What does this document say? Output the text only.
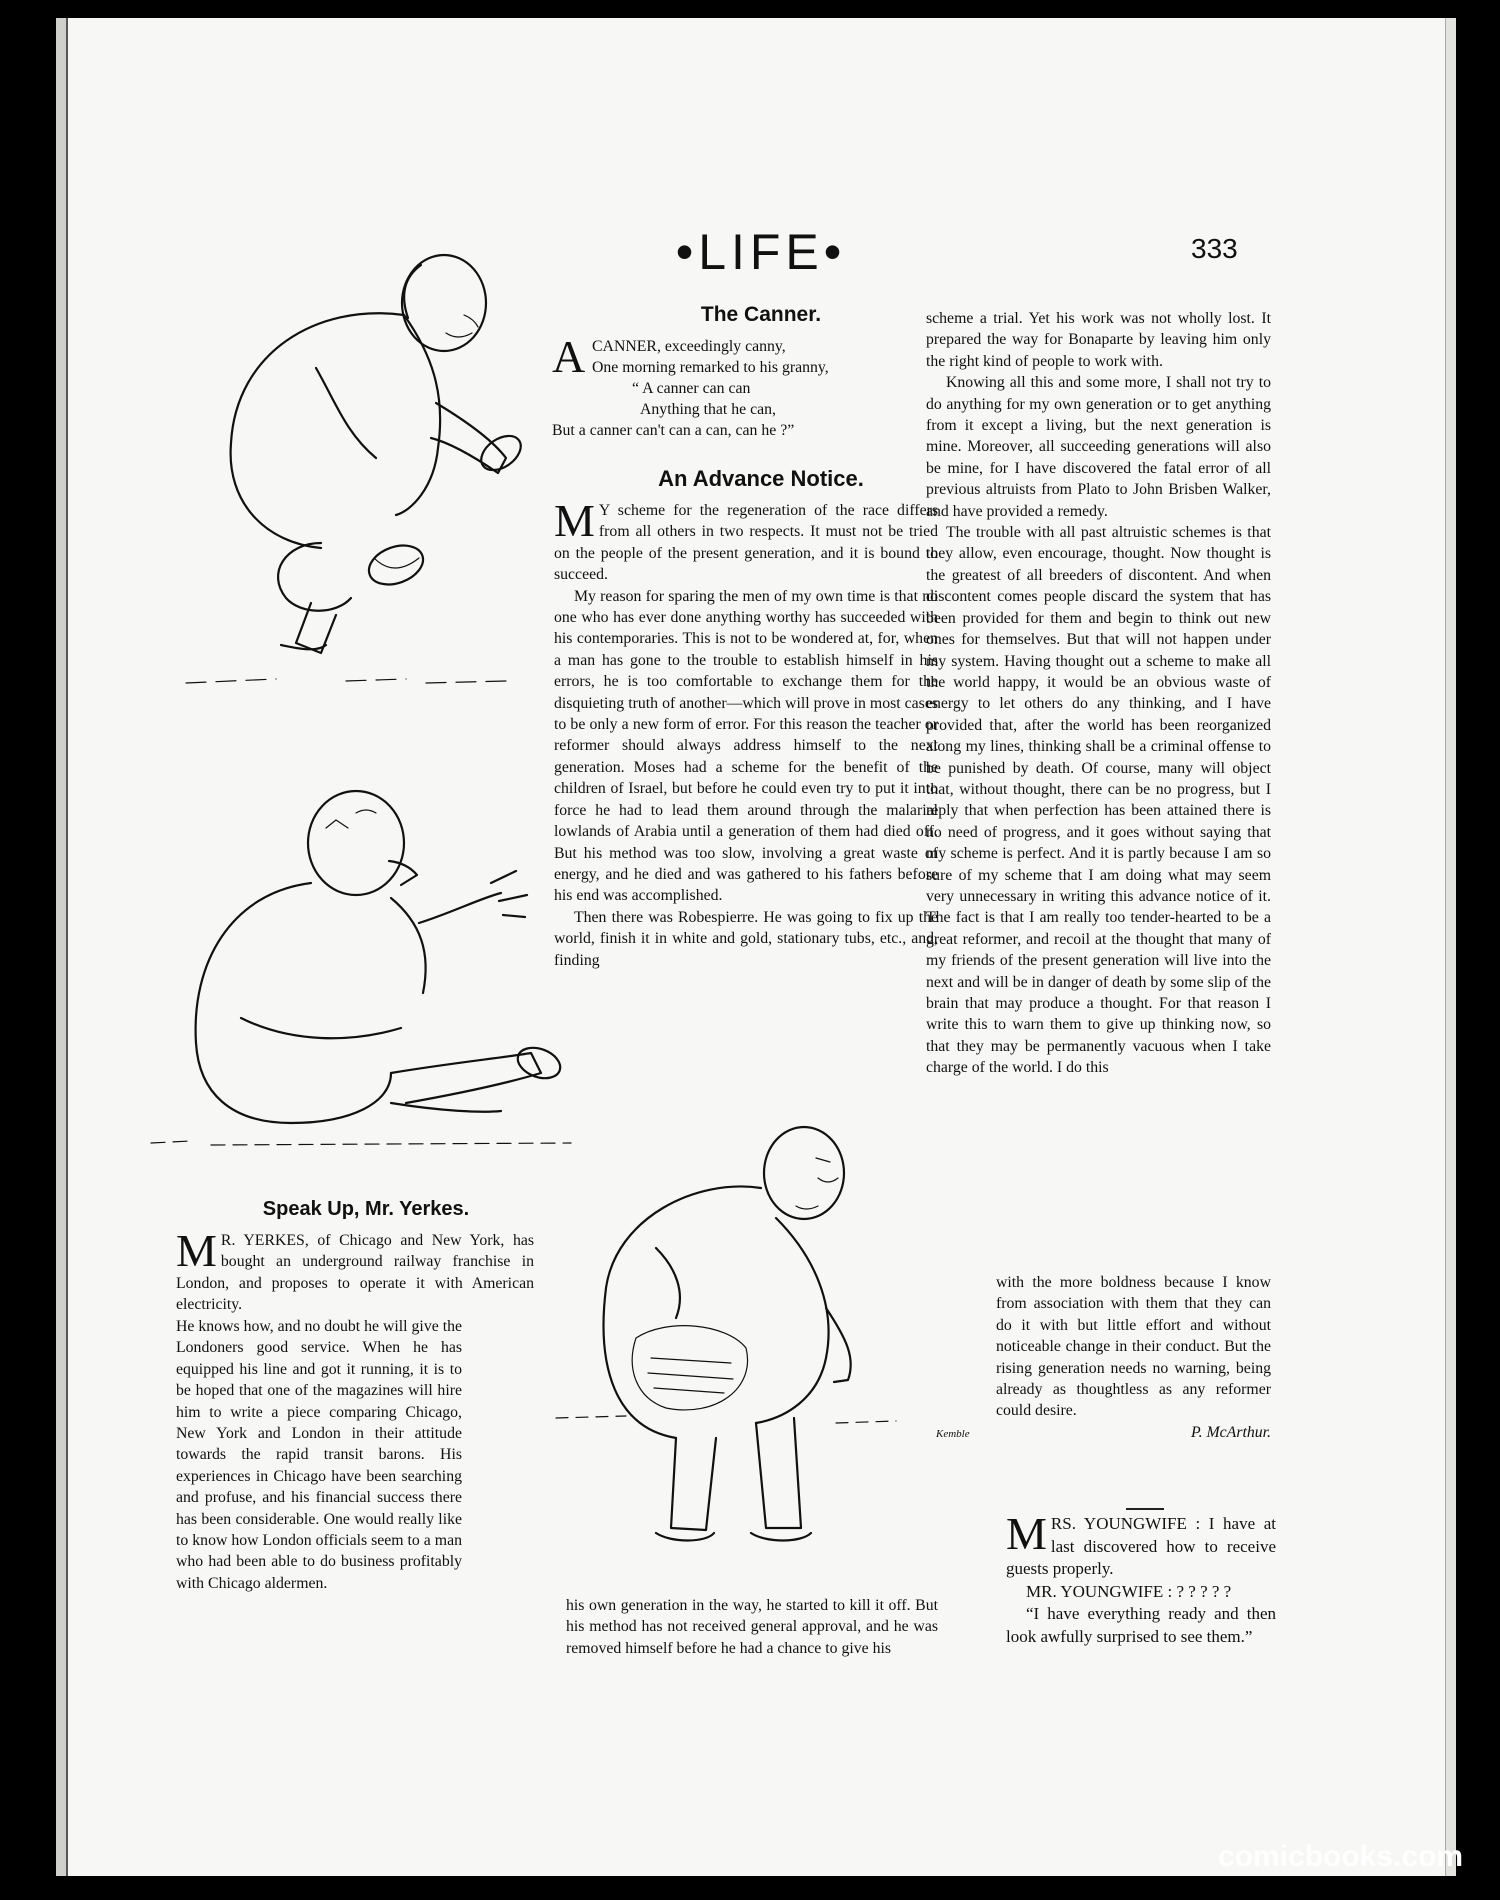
•LIFE•	333
The Canner.
A CANNER, exceedingly canny,
One morning remarked to his granny,
“ A canner can can
Anything that he can,
But a canner can't can a can, can he ?”
An Advance Notice.

M Y scheme for the regeneration of the race differs from all others in two respects. It must not be tried on the people of the present generation, and it is bound to succeed.

My reason for sparing the men of my own time is that no one who has ever done anything worthy has succeeded with his contemporaries. This is not to be wondered at, for, when a man has gone to the trouble to establish himself in his errors, he is too comfortable to exchange them for the disquieting truth of another—which will prove in most cases to be only a new form of error. For this reason the teacher or reformer should always address himself to the next generation. Moses had a scheme for the benefit of the children of Israel, but before he could even try to put it into force he had to lead them around through the malarial lowlands of Arabia until a generation of them had died off. But his method was too slow, involving a great waste of energy, and he died and was gathered to his fathers before his end was accomplished.

Then there was Robespierre. He was going to fix up the world, finish it in white and gold, stationary tubs, etc., and, finding

his own generation in the way, he started to kill it off. But his method has not received general approval, and he was removed himself before he had a chance to give his

scheme a trial. Yet his work was not wholly lost. It prepared the way for Bonaparte by leaving him only the right kind of people to work with.

Knowing all this and some more, I shall not try to do anything for my own generation or to get anything from it except a living, but the next generation is mine. Moreover, all succeeding generations will also be mine, for I have discovered the fatal error of all previous altruists from Plato to John Brisben Walker, and have provided a remedy.

The trouble with all past altruistic schemes is that they allow, even encourage, thought. Now thought is the greatest of all breeders of discontent. And when discontent comes people discard the system that has been provided for them and begin to think out new ones for themselves. But that will not happen under my system. Having thought out a scheme to make all the world happy, it would be an obvious waste of energy to let others do any thinking, and I have provided that, after the world has been reorganized along my lines, thinking shall be a criminal offense to be punished by death. Of course, many will object that, without thought, there can be no progress, but I reply that when perfection has been attained there is no need of progress, and it goes without saying that my scheme is perfect. And it is partly because I am so sure of my scheme that I am doing what may seem very unnecessary in writing this advance notice of it. The fact is that I am really too tender-hearted to be a great reformer, and recoil at the thought that many of my friends of the present generation will live into the next and will be in danger of death by some slip of the brain that may produce a thought. For that reason I write this to warn them to give up thinking now, so that they may be permanently vacuous when I take charge of the world. I do this

with the more boldness because I know from association with them that they can do it with but little effort and without noticeable change in their conduct. But the rising generation needs no warning, being already as thoughtless as any reformer could desire.

P. McArthur.

MRS. YOUNGWIFE : I have at last discovered how to receive guests properly.

MR. YOUNGWIFE : ? ? ? ? ?

“I have everything ready and then look awfully surprised to see them.”

Speak Up, Mr. Yerkes.

M R. YERKES, of Chicago and New York, has bought an underground railway franchise in London, and proposes to operate it with American electricity.

He knows how, and no doubt he will give the Londoners good service. When he has equipped his line and got it running, it is to be hoped that one of the magazines will hire him to write a piece comparing Chicago, New York and London in their attitude towards the rapid transit barons. His experiences in Chicago have been searching and profuse, and his financial success there has been considerable. One would really like to know how London officials seem to a man who had been able to do business profitably with Chicago aldermen.

Kemble
comicbooks.com
